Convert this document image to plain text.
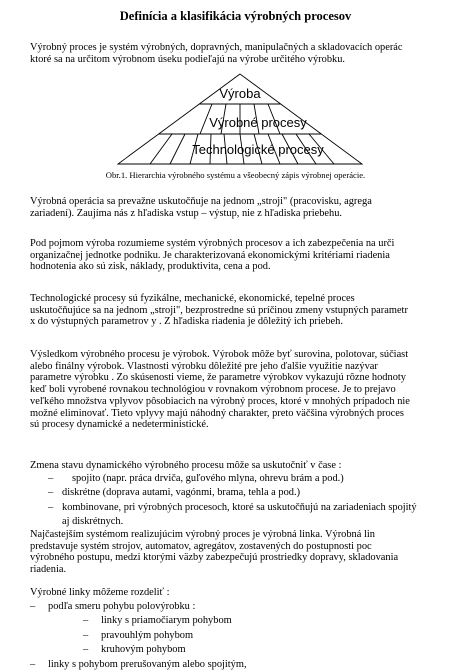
Definícia a klasifikácia výrobných procesov
Výrobný proces je systém výrobných, dopravných, manipulačných a skladovacích operác
ktoré sa na určitom výrobnom úseku podieľajú na výrobe určitého výrobku.
Výroba
Výrobné procesy
Technologické procesy
Obr.1. Hierarchia výrobného systému a všeobecný zápis výrobnej operácie.
Výrobná operácia sa prevažne uskutočňuje na jednom „stroji" (pracovisku, agrega
zariadení). Zaujíma nás z hľadiska vstup – výstup, nie z hľadiska priebehu.
Pod pojmom výroba rozumieme systém výrobných procesov a ich zabezpečenia na urči
organizačnej jednotke podniku. Je charakterizovaná ekonomickými kritériami riadenia
hodnotenia ako sú zisk, náklady, produktivita, cena a pod.
Technologické procesy sú fyzikálne, mechanické, ekonomické, tepelné proces
uskutočňujúce sa na jednom „stroji", bezprostredne sú príčinou zmeny vstupných parametr
x do výstupných parametrov y . Z hľadiska riadenia je dôležitý ich priebeh.
Výsledkom výrobného procesu je výrobok. Výrobok môže byť surovina, polotovar, súčiast
alebo finálny výrobok. Vlastnosti výrobku dôležité pre jeho ďalšie využitie nazývar
parametre výrobku . Zo skúsenosti vieme, že parametre výrobkov vykazujú rôzne hodnoty
keď boli vyrobené rovnakou technológiou v rovnakom výrobnom procese. Je to prejavo
veľkého množstva vplyvov pôsobiacich na výrobný proces, ktoré v mnohých prípadoch nie
možné eliminovať. Tieto vplyvy majú náhodný charakter, preto väčšina výrobných proces
sú procesy dynamické a nedeterministické.
Zmena stavu dynamického výrobného procesu môže sa uskutočniť v čase :
– spojito (napr. práca drviča, guľového mlyna, ohrevu brám a pod.)
– diskrétne (doprava autami, vagónmi, brama, tehla a pod.)
– kombinovane, pri výrobných procesoch, ktoré sa uskutočňujú na zariadeniach spojitý
aj diskrétnych.
Najčastejším systémom realizujúcim výrobný proces je výrobná linka. Výrobná lin
predstavuje systém strojov, automatov, agregátov, zostavených do postupnosti poc
výrobného postupu, medzi ktorými väzby zabezpečujú prostriedky dopravy, skladovania
riadenia.
Výrobné linky môžeme rozdeliť :
– podľa smeru pohybu polovýrobku :
– linky s priamočiarym pohybom
– pravouhlým pohybom
– kruhovým pohybom
– linky s pohybom prerušovaným alebo spojitým,
